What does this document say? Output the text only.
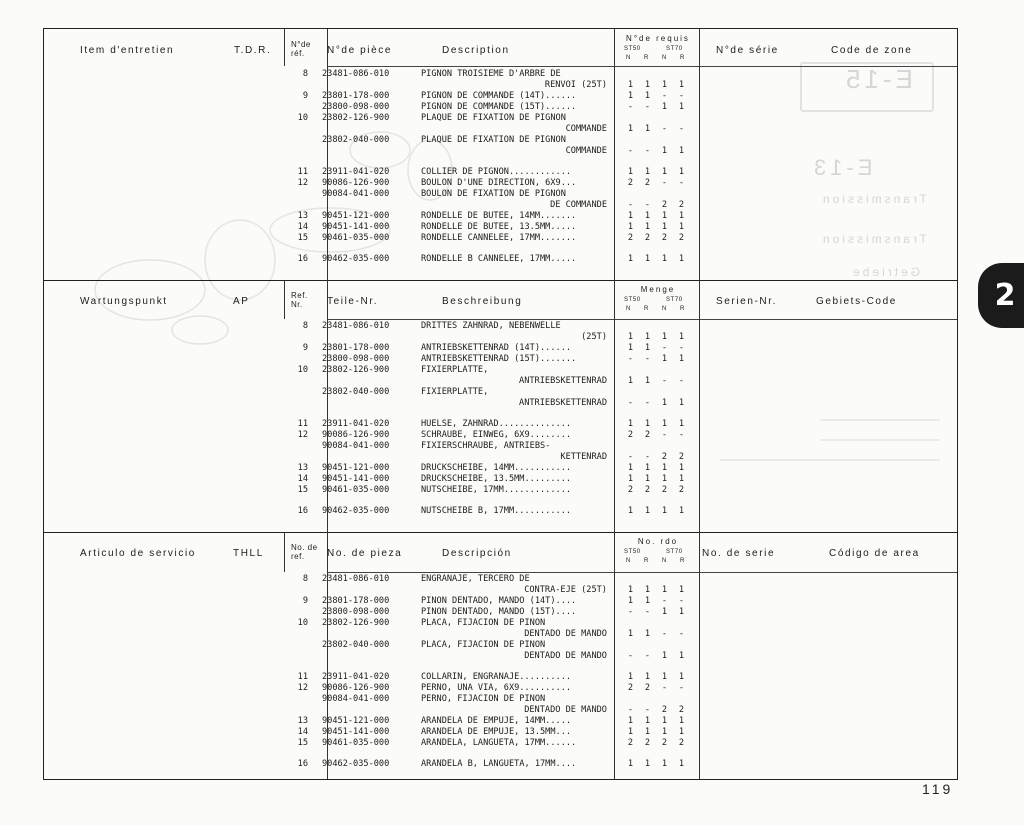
E-15
E-13
Transmission
Transmission
Getriebe
Item d'entretien	T.D.R.
N°de réf.	N°de pièce	Description
N°de requis
ST50	ST70
N R N R
N°de série	Code de zone
8 23481-086-010	PIGNON TROISIEME D'ARBRE DE
RENVOI (25T)	1	1	1	1
9 23801-178-000	PIGNON DE COMMANDE (14T)......	1	1	-	-
23800-098-000	PIGNON DE COMMANDE (15T)......	-	-	1	1
10 23802-126-900	PLAQUE DE FIXATION DE PIGNON
COMMANDE	1	1	-	-
23802-040-000	PLAQUE DE FIXATION DE PIGNON
COMMANDE	-	-	1	1
11 23911-041-020	COLLIER DE PIGNON............	1	1	1	1
12 90086-126-900	BOULON D'UNE DIRECTION, 6X9...	2	2	-	-
90084-041-000	BOULON DE FIXATION DE PIGNON
DE COMMANDE	-	-	2	2
13 90451-121-000	RONDELLE DE BUTEE, 14MM.......	1	1	1	1
14 90451-141-000	RONDELLE DE BUTEE, 13.5MM.....	1	1	1	1
15 90461-035-000	RONDELLE CANNELEE, 17MM.......	2	2	2	2
16 90462-035-000	RONDELLE B CANNELEE, 17MM.....	1	1	1	1
Wartungspunkt	AP
Ref. Nr.	Teile-Nr.	Beschreibung
Menge
ST50	ST70
N R N R
Serien-Nr.	Gebiets-Code
8 23481-086-010	DRITTES ZAHNRAD, NEBENWELLE
(25T)	1	1	1	1
9 23801-178-000	ANTRIEBSKETTENRAD (14T)......	1	1	-	-
23800-098-000	ANTRIEBSKETTENRAD (15T).......	-	-	1	1
10 23802-126-900	FIXIERPLATTE,
ANTRIEBSKETTENRAD	1	1	-	-
23802-040-000	FIXIERPLATTE,
ANTRIEBSKETTENRAD	-	-	1	1
11 23911-041-020	HUELSE, ZAHNRAD..............	1	1	1	1
12 90086-126-900	SCHRAUBE, EINWEG, 6X9........	2	2	-	-
90084-041-000	FIXIERSCHRAUBE, ANTRIEBS-
KETTENRAD	-	-	2	2
13 90451-121-000	DRUCKSCHEIBE, 14MM...........	1	1	1	1
14 90451-141-000	DRUCKSCHEIBE, 13.5MM.........	1	1	1	1
15 90461-035-000	NUTSCHEIBE, 17MM.............	2	2	2	2
16 90462-035-000	NUTSCHEIBE B, 17MM...........	1	1	1	1
Articulo de servicio	THLL
No. de ref.	No. de pieza	Descripción
No. rdo
ST50	ST70
N R N R
No. de serie	Código de area
8 23481-086-010	ENGRANAJE, TERCERO DE
CONTRA-EJE (25T)	1	1	1	1
9 23801-178-000	PINON DENTADO, MANDO (14T)....	1	1	-	-
23800-098-000	PINON DENTADO, MANDO (15T)....	-	-	1	1
10 23802-126-900	PLACA, FIJACION DE PINON
DENTADO DE MANDO	1	1	-	-
23802-040-000	PLACA, FIJACION DE PINON
DENTADO DE MANDO	-	-	1	1
11 23911-041-020	COLLARIN, ENGRANAJE..........	1	1	1	1
12 90086-126-900	PERNO, UNA VIA, 6X9..........	2	2	-	-
90084-041-000	PERNO, FIJACION DE PINON
DENTADO DE MANDO	-	-	2	2
13 90451-121-000	ARANDELA DE EMPUJE, 14MM.....	1	1	1	1
14 90451-141-000	ARANDELA DE EMPUJE, 13.5MM...	1	1	1	1
15 90461-035-000	ARANDELA, LANGUETA, 17MM......	2	2	2	2
16 90462-035-000	ARANDELA B, LANGUETA, 17MM....	1	1	1	1
2
119
